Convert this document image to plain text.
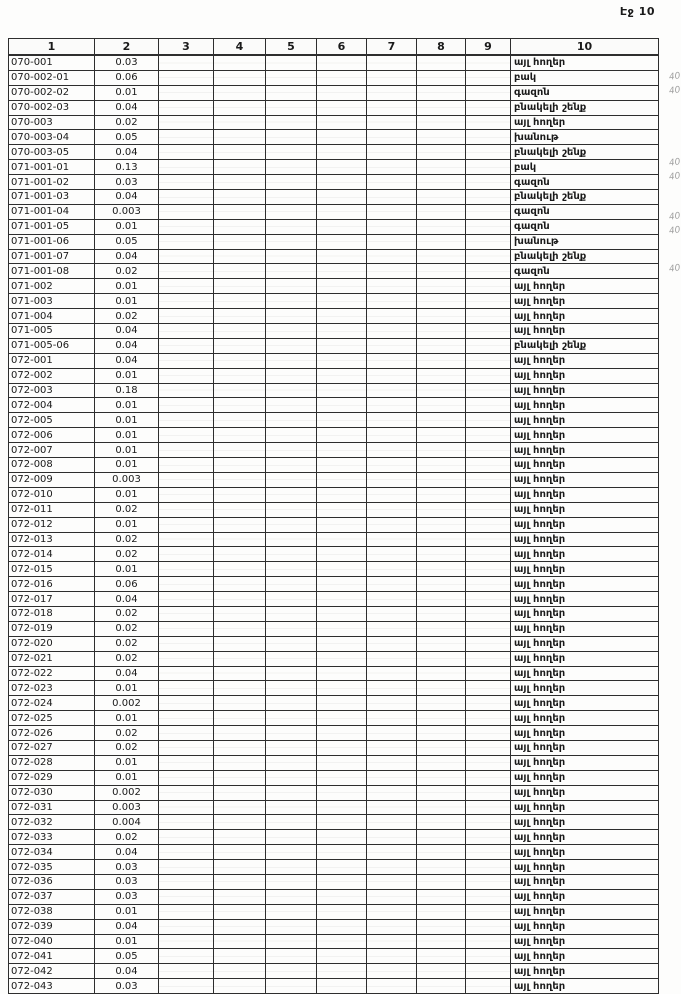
Էջ 10
1	2	3	4	5	6	7	8	9	10
070-001	0.03								այլ հողեր
070-002-01	0.06								բակ
070-002-02	0.01								գազոն
070-002-03	0.04								բնակելի շենք
070-003	0.02								այլ հողեր
070-003-04	0.05								խանութ
070-003-05	0.04								բնակելի շենք
071-001-01	0.13								բակ
071-001-02	0.03								գազոն
071-001-03	0.04								բնակելի շենք
071-001-04	0.003								գազոն
071-001-05	0.01								գազոն
071-001-06	0.05								խանութ
071-001-07	0.04								բնակելի շենք
071-001-08	0.02								գազոն
071-002	0.01								այլ հողեր
071-003	0.01								այլ հողեր
071-004	0.02								այլ հողեր
071-005	0.04								այլ հողեր
071-005-06	0.04								բնակելի շենք
072-001	0.04								այլ հողեր
072-002	0.01								այլ հողեր
072-003	0.18								այլ հողեր
072-004	0.01								այլ հողեր
072-005	0.01								այլ հողեր
072-006	0.01								այլ հողեր
072-007	0.01								այլ հողեր
072-008	0.01								այլ հողեր
072-009	0.003								այլ հողեր
072-010	0.01								այլ հողեր
072-011	0.02								այլ հողեր
072-012	0.01								այլ հողեր
072-013	0.02								այլ հողեր
072-014	0.02								այլ հողեր
072-015	0.01								այլ հողեր
072-016	0.06								այլ հողեր
072-017	0.04								այլ հողեր
072-018	0.02								այլ հողեր
072-019	0.02								այլ հողեր
072-020	0.02								այլ հողեր
072-021	0.02								այլ հողեր
072-022	0.04								այլ հողեր
072-023	0.01								այլ հողեր
072-024	0.002								այլ հողեր
072-025	0.01								այլ հողեր
072-026	0.02								այլ հողեր
072-027	0.02								այլ հողեր
072-028	0.01								այլ հողեր
072-029	0.01								այլ հողեր
072-030	0.002								այլ հողեր
072-031	0.003								այլ հողեր
072-032	0.004								այլ հողեր
072-033	0.02								այլ հողեր
072-034	0.04								այլ հողեր
072-035	0.03								այլ հողեր
072-036	0.03								այլ հողեր
072-037	0.03								այլ հողեր
072-038	0.01								այլ հողեր
072-039	0.04								այլ հողեր
072-040	0.01								այլ հողեր
072-041	0.05								այլ հողեր
072-042	0.04								այլ հողեր
072-043	0.03								այլ հողեր
40
40
40
40
40
40
40
